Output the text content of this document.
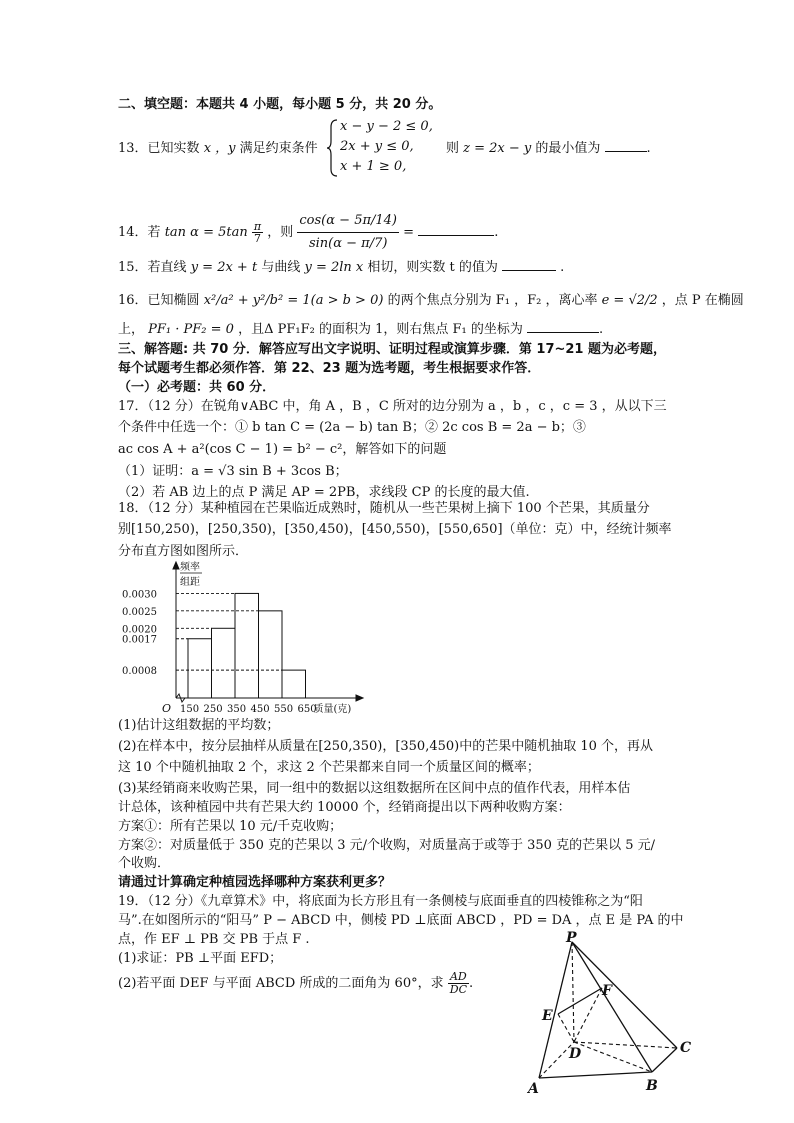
二、填空题：本题共 4 小题，每小题 5 分，共 20 分。
13．已知实数 x ，y 满足约束条件	则 z = 2x − y 的最小值为	.
x − y − 2 ≤ 0,
2x + y ≤ 0,
x + 1 ≥ 0,
14．若 $\tan \alpha = 5\tan \frac{\pi}{7}$ ，则 $\frac{\cos(\alpha - 5\pi/14)}{\sin(\alpha - \pi/7)}$ =	.
15．若直线 y = 2x + t 与曲线 y = 2ln x 相切，则实数 t 的值为	.
16．已知椭圆 x²/a² + y²/b² = 1(a > b > 0) 的两个焦点分别为 F₁ ，F₂ ，离心率 e = √2/2 ，点 P 在椭圆
上， PF₁ · PF₂ = 0 ，且Δ PF₁F₂ 的面积为 1，则右焦点 F₁ 的坐标为	.
三、解答题: 共 70 分．解答应写出文字说明、证明过程或演算步骤．第 17~21 题为必考题，
每个试题考生都必须作答．第 22、23 题为选考题，考生根据要求作答．
（一）必考题：共 60 分．
17．（12 分）在锐角∨ABC 中，角 A ，B ，C 所对的边分别为 a ，b ，c ，c = 3 ，从以下三
个条件中任选一个：① b tan C = (2a − b) tan B；② 2c cos B = 2a − b；③
ac cos A + a²(cos C − 1) = b² − c²，解答如下的问题
（1）证明：a = √3 sin B + 3cos B；
（2）若 AB 边上的点 P 满足 AP = 2PB，求线段 CP 的长度的最大值.
18．（12 分）某种植园在芒果临近成熟时，随机从一些芒果树上摘下 100 个芒果，其质量分
别[150,250)，[250,350)，[350,450)，[450,550)，[550,650]（单位：克）中，经统计频率
分布直方图如图所示．
0.0030
0.0025
0.0020
0.0017
0.0008
150 250 350 450 550 650
O	质量(克)
频率
组距
(1)估计这组数据的平均数；
(2)在样本中，按分层抽样从质量在[250,350)，[350,450)中的芒果中随机抽取 10 个，再从
这 10 个中随机抽取 2 个，求这 2 个芒果都来自同一个质量区间的概率；
(3)某经销商来收购芒果，同一组中的数据以这组数据所在区间中点的值作代表，用样本估
计总体，该种植园中共有芒果大约 10000 个，经销商提出以下两种收购方案：
方案①：所有芒果以 10 元/千克收购；
方案②：对质量低于 350 克的芒果以 3 元/个收购，对质量高于或等于 350 克的芒果以 5 元/
个收购．
请通过计算确定种植园选择哪种方案获利更多？
19．（12 分）《九章算术》中，将底面为长方形且有一条侧棱与底面垂直的四棱锥称之为“阳
马”.在如图所示的“阳马” P − ABCD 中，侧棱 PD ⊥底面 ABCD ，PD = DA ，点 E 是 PA 的中
点，作 EF ⊥ PB 交 PB 于点 F .
(1)求证：PB ⊥平面 EFD；
(2)若平面 DEF 与平面 ABCD 所成的二面角为 60°，求 $\frac{AD}{DC}$ .
P
A	B
C
D
E
F
